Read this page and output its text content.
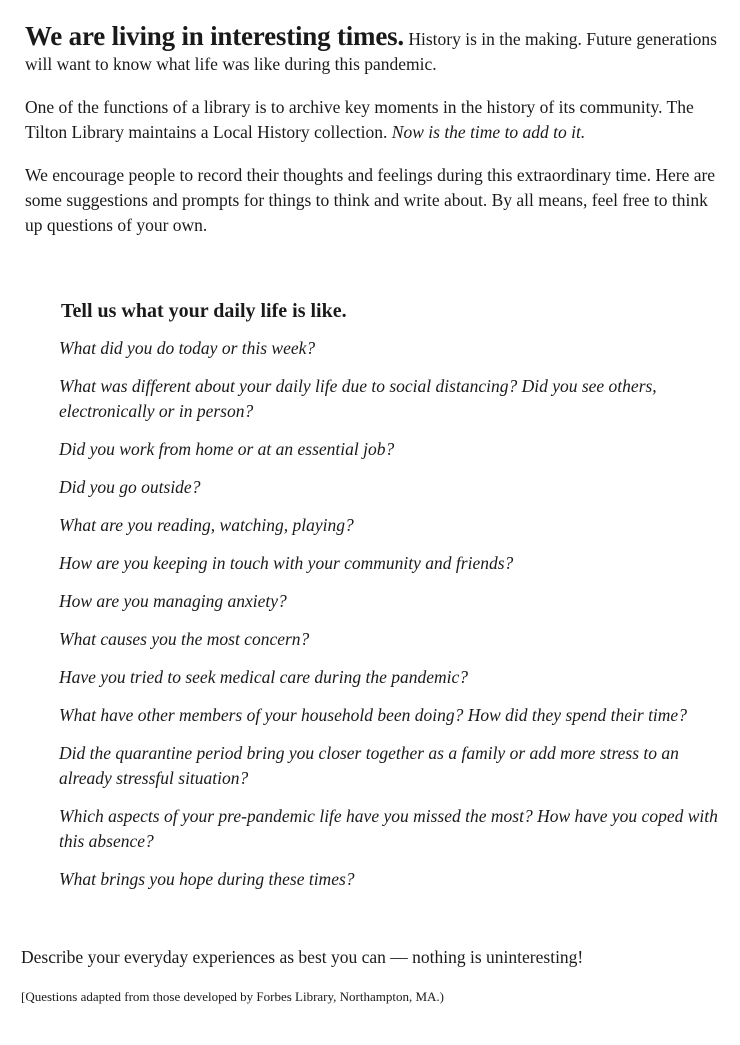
We are living in interesting times. History is in the making. Future generations will want to know what life was like during this pandemic.

One of the functions of a library is to archive key moments in the history of its community. The Tilton Library maintains a Local History collection. Now is the time to add to it.

We encourage people to record their thoughts and feelings during this extraordinary time. Here are some suggestions and prompts for things to think and write about. By all means, feel free to think up questions of your own.

Tell us what your daily life is like.
What did you do today or this week?
What was different about your daily life due to social distancing? Did you see others, electronically or in person?
Did you work from home or at an essential job?
Did you go outside?
What are you reading, watching, playing?
How are you keeping in touch with your community and friends?
How are you managing anxiety?
What causes you the most concern?
Have you tried to seek medical care during the pandemic?
What have other members of your household been doing? How did they spend their time?
Did the quarantine period bring you closer together as a family or add more stress to an already stressful situation?
Which aspects of your pre-pandemic life have you missed the most? How have you coped with this absence?
What brings you hope during these times?

Describe your everyday experiences as best you can — nothing is uninteresting!

[Questions adapted from those developed by Forbes Library, Northampton, MA.)
